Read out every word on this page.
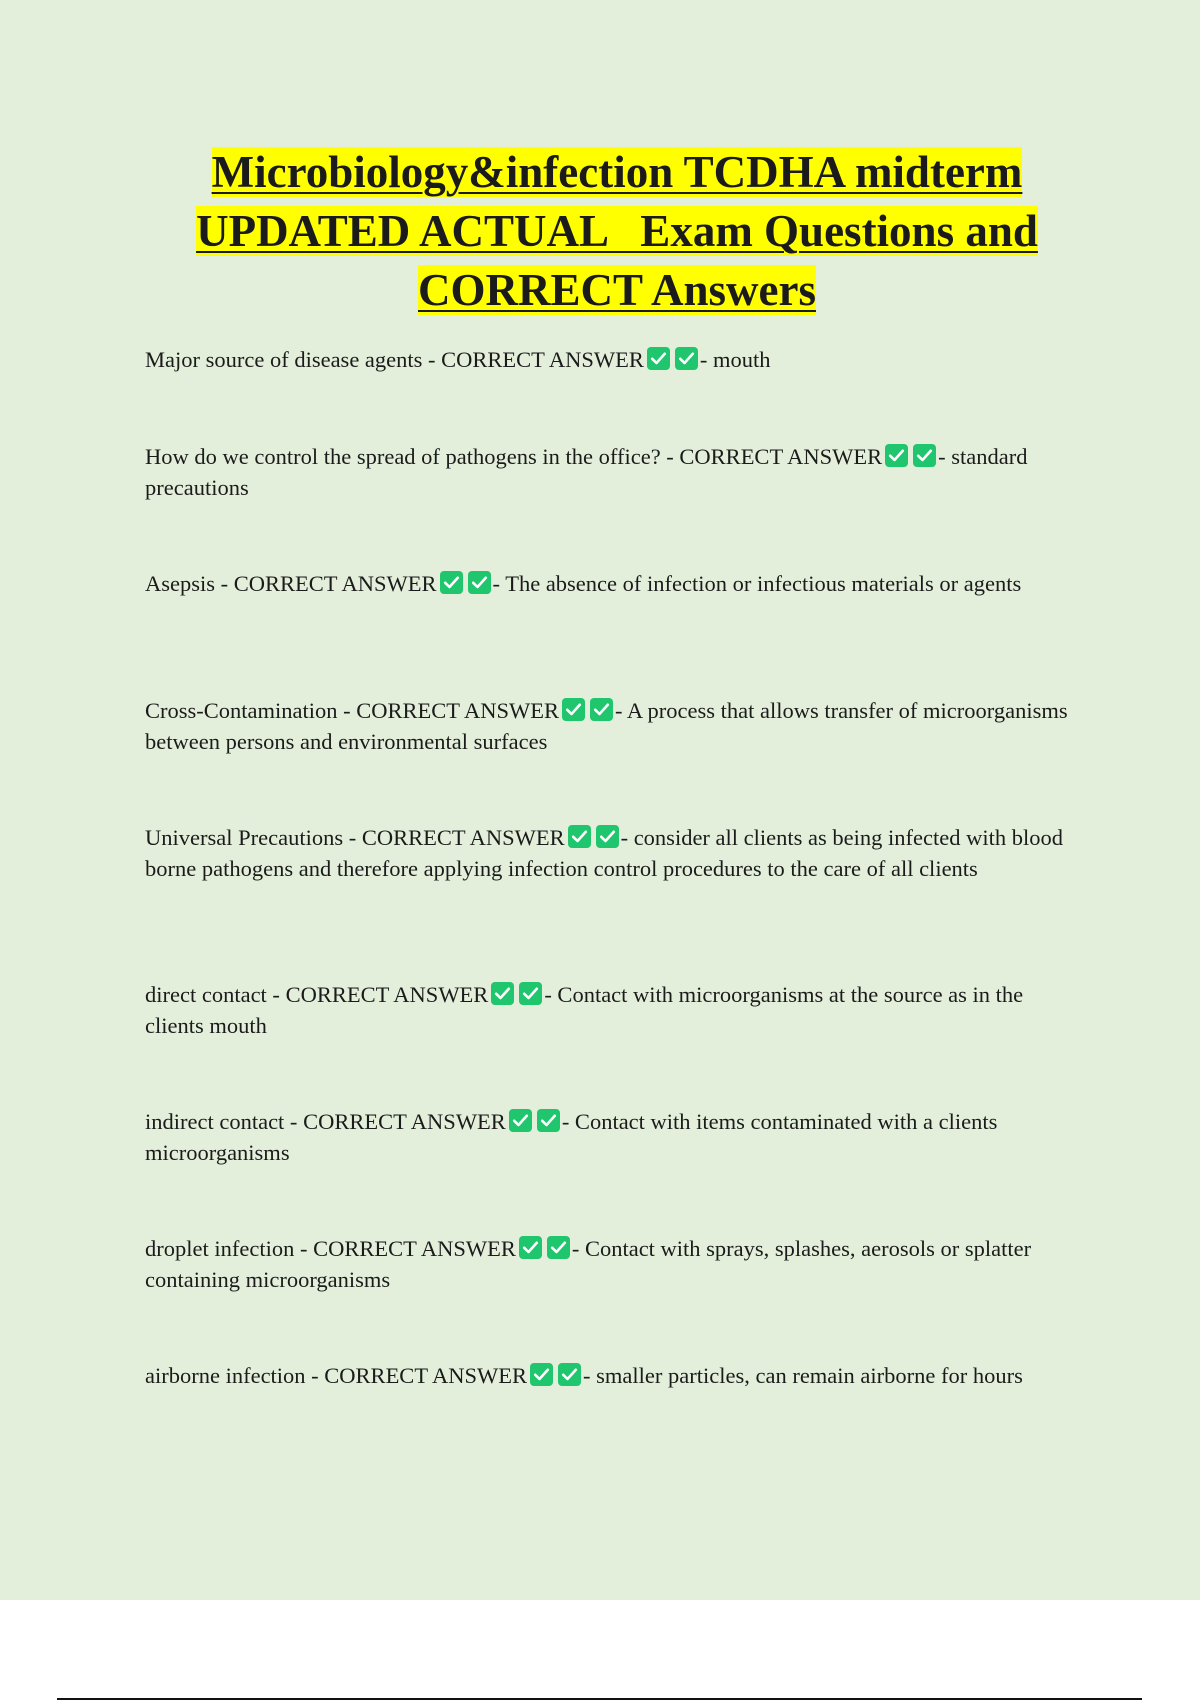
Microbiology&infection TCDHA midterm
UPDATED ACTUAL   Exam Questions and
CORRECT Answers
Major source of disease agents - CORRECT ANSWER - mouth
How do we control the spread of pathogens in the office? - CORRECT ANSWER - standard precautions
Asepsis - CORRECT ANSWER - The absence of infection or infectious materials or agents
Cross-Contamination - CORRECT ANSWER - A process that allows transfer of microorganisms between persons and environmental surfaces
Universal Precautions - CORRECT ANSWER - consider all clients as being infected with blood borne pathogens and therefore applying infection control procedures to the care of all clients
direct contact - CORRECT ANSWER - Contact with microorganisms at the source as in the clients mouth
indirect contact - CORRECT ANSWER - Contact with items contaminated with a clients microorganisms
droplet infection - CORRECT ANSWER - Contact with sprays, splashes, aerosols or splatter containing microorganisms
airborne infection - CORRECT ANSWER - smaller particles, can remain airborne for hours
